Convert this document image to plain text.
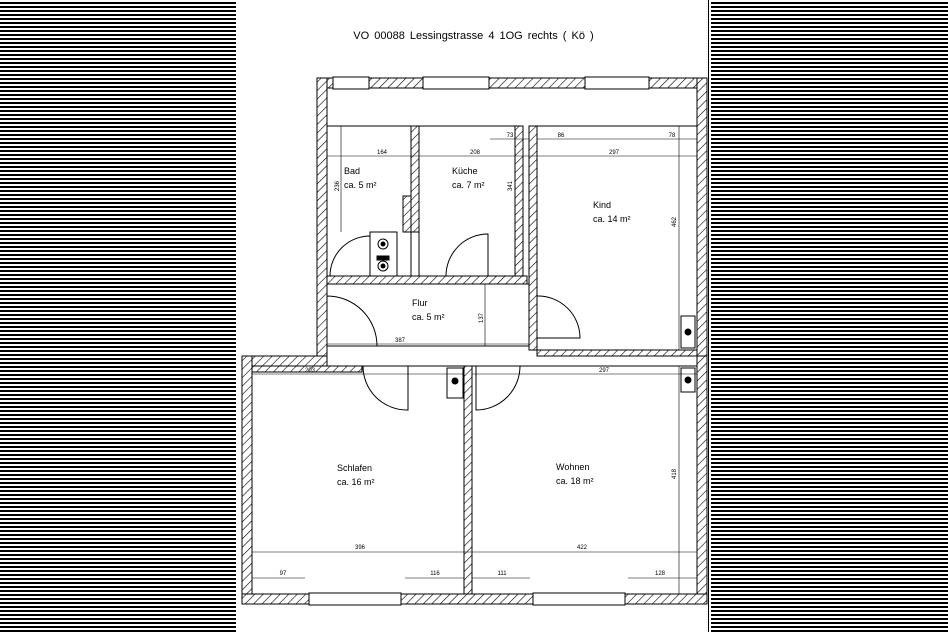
VO 00088 Lessingstrasse 4 1OG rechts ( Kö )
164	208
73	86	78
297
236	341
462
387
137
203	297
418
396	422
97	116	111	128
Bad
ca. 5 m²
Küche
ca. 7 m²
Kind
ca. 14 m²
Flur
ca. 5 m²
Schlafen
ca. 16 m²
Wohnen
ca. 18 m²
